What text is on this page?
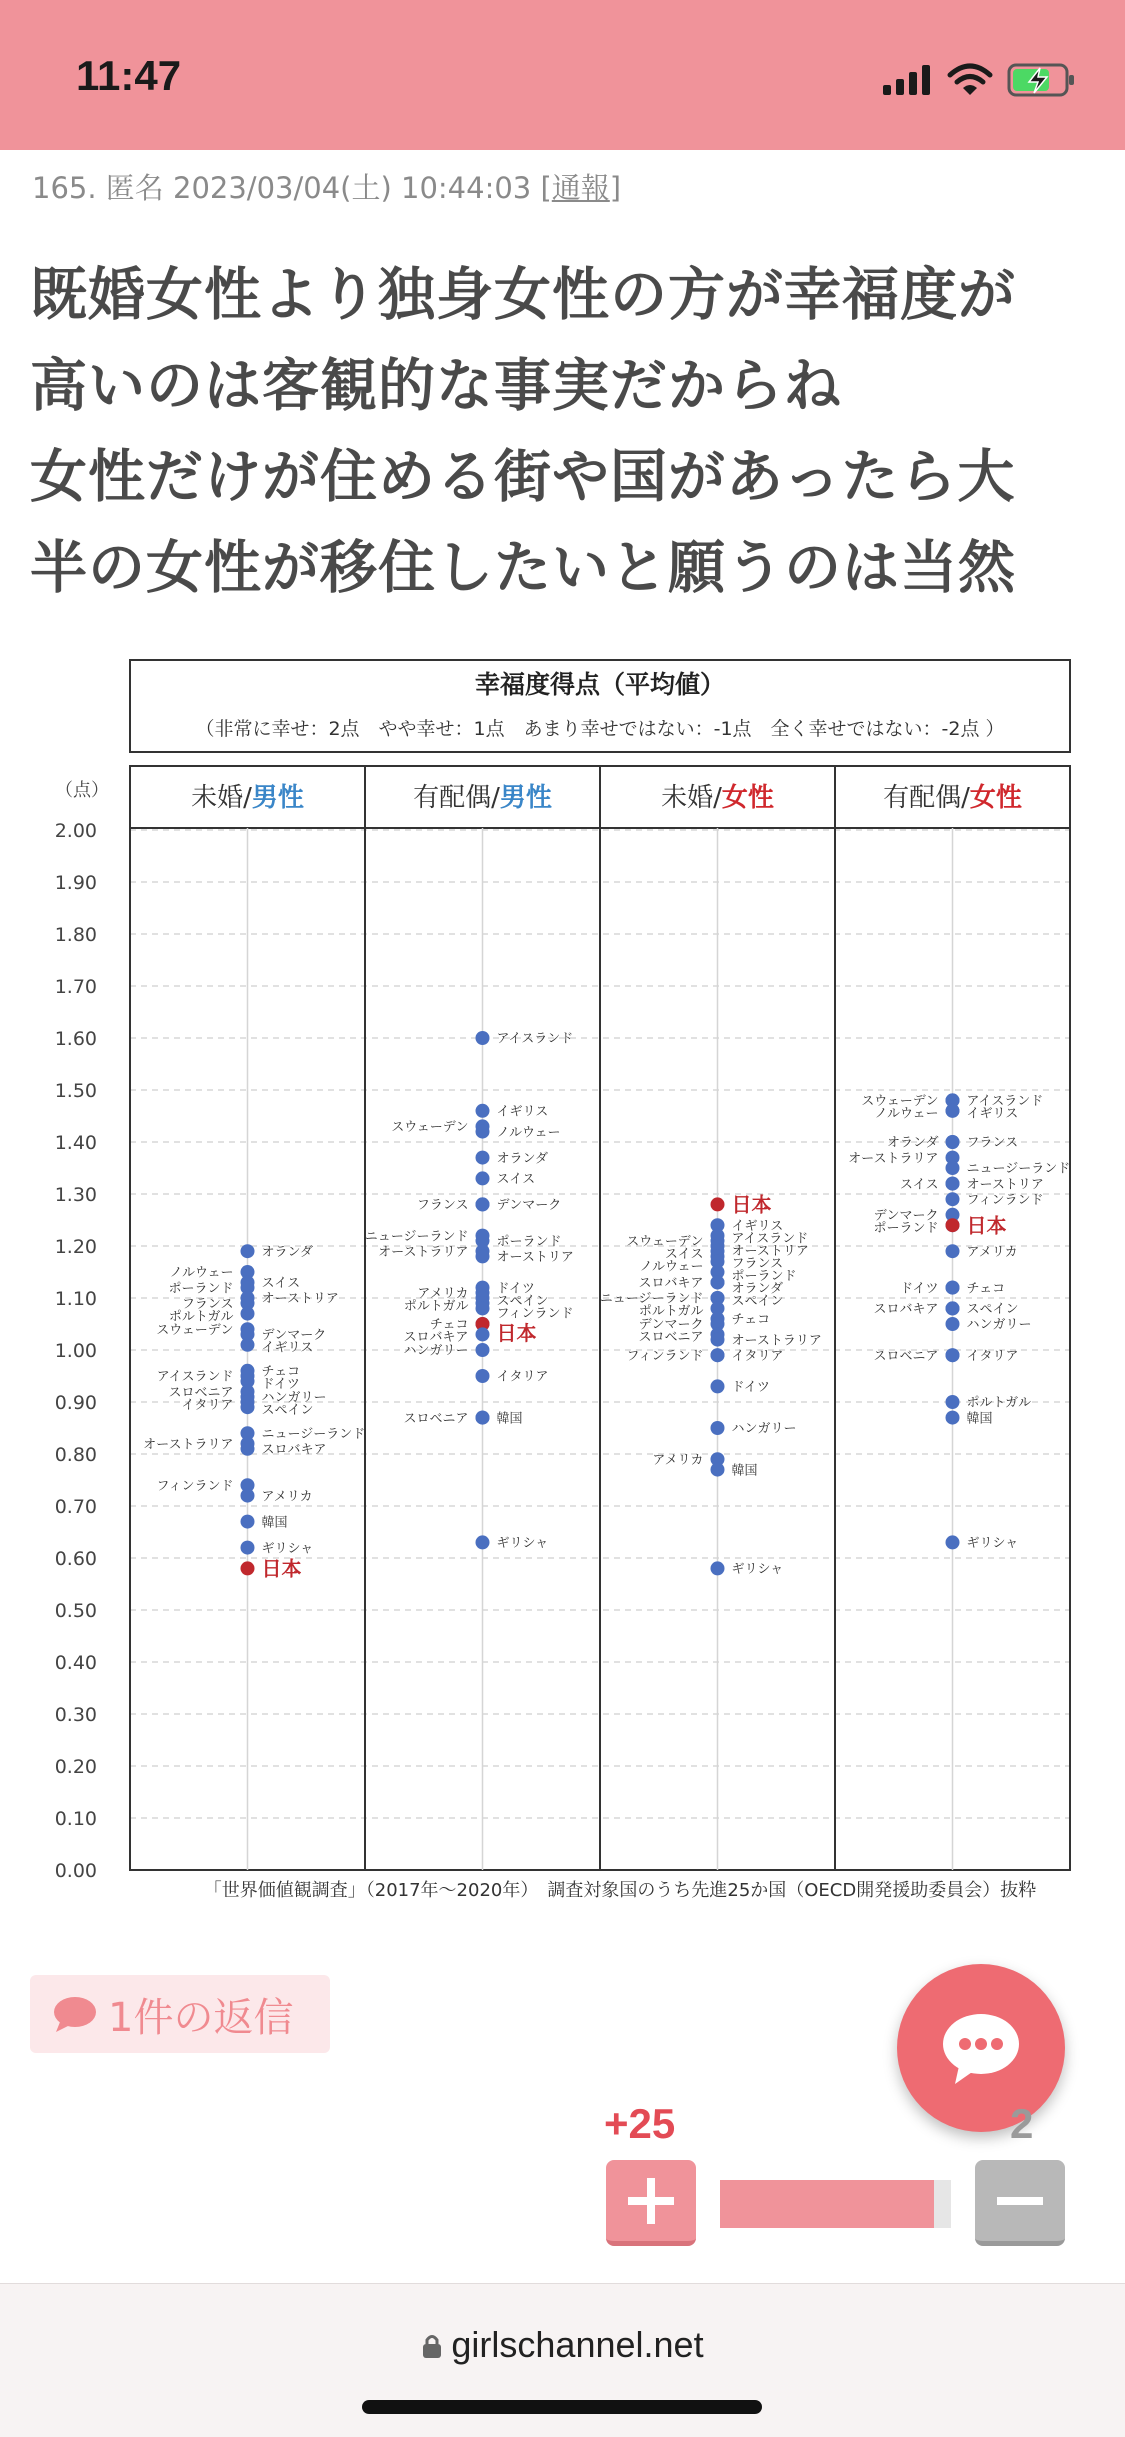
11:47
165. 匿名 2023/03/04(土) 10:44:03 [通報]
既婚女性より独身女性の方が幸福度が
高いのは客観的な事実だからね
女性だけが住める街や国があったら大
半の女性が移住したいと願うのは当然
幸福度得点（平均値）
（非常に幸せ：2点　やや幸せ：1点　あまり幸せではない：-1点　全く幸せではない：-2点 ）
（点）
2.00
1.90
1.80
1.70
1.60
1.50
1.40
1.30
1.20
1.10
1.00
0.90
0.80
0.70
0.60
0.50
0.40
0.30
0.20
0.10
0.00
未婚/男性	有配偶/男性	未婚/女性	有配偶/女性
オランダ
ノルウェー
スイス
ポーランド
オーストリア
フランス
ポルトガル
スウェーデン デンマーク
イギリス
チェコ
アイスランド ドイツ
スロベニア ハンガリー
イタリア スペイン
ニュージーランド
オーストラリア スロバキア
フィンランド
アメリカ
韓国
ギリシャ
日本
アイスランド
イギリス
スウェーデン ノルウェー
オランダ
スイス
フランス デンマーク
ニュージーランド ポーランド
オーストラリア オーストリア
ドイツ
アメリカ スペイン
ポルトガル フィンランド
チェコ 日本
スロバキア
ハンガリー
イタリア
スロベニア 韓国
ギリシャ
日本
イギリス
アイスランド
スウェーデン
オーストリア
スイス
ノルウェー フランス
ポーランド
スロバキア オランダ
ニュージーランド スペイン
ポルトガル
チェコ
デンマーク
スロベニア オーストラリア
フィンランド イタリア
ドイツ
ハンガリー
アメリカ
韓国
ギリシャ
スウェーデン アイスランド
ノルウェー イギリス
オランダ フランス
オーストラリア
ニュージーランド
スイス オーストリア
フィンランド
デンマーク
ポーランド 日本
アメリカ
ドイツ チェコ
スロバキア スペイン
ハンガリー
スロベニア イタリア
ポルトガル
韓国
ギリシャ
「世界価値観調査」（2017年～2020年）　調査対象国のうち先進25か国（OECD開発援助委員会）抜粋
1件の返信
+25	2
girlschannel.net
